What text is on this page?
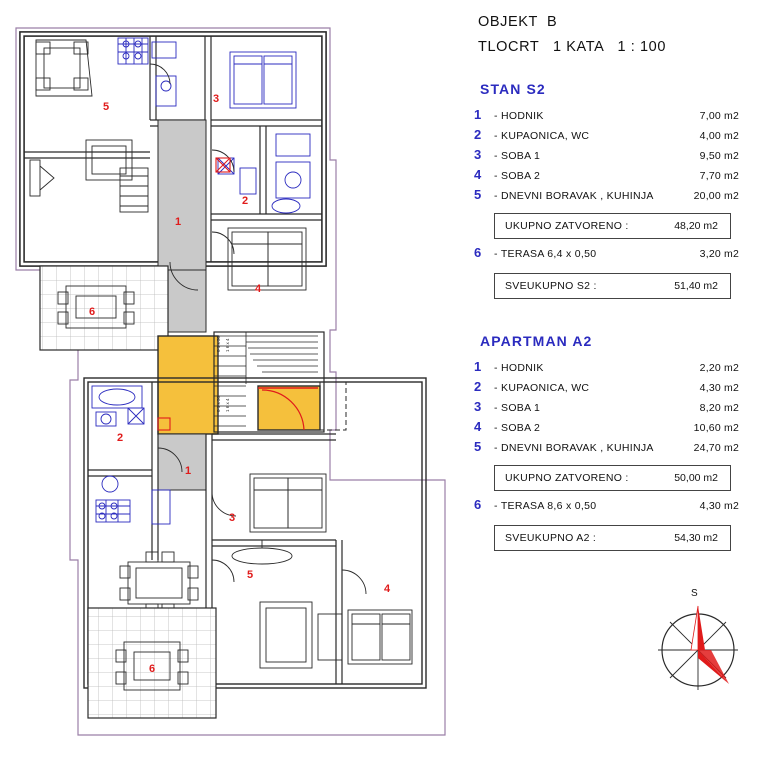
5
3
2
1
6
4
2
1
3
5
4
6
0 1 x 30 1 6 x 4
0 1 x 30 1 6 x 4
OBJEKT  B
TLOCRT   1 KATA   1 : 100
STAN S2
1	- HODNIK	7,00 m2
2	- KUPAONICA, WC	4,00 m2
3	- SOBA 1	9,50 m2
4	- SOBA 2	7,70 m2
5	- DNEVNI BORAVAK , KUHINJA	20,00 m2
UKUPNO ZATVORENO :	48,20 m2
6	- TERASA 6,4 x 0,50	3,20 m2
SVEUKUPNO S2 :	51,40 m2
APARTMAN A2
1	- HODNIK	2,20 m2
2	- KUPAONICA, WC	4,30 m2
3	- SOBA 1	8,20 m2
4	- SOBA 2	10,60 m2
5	- DNEVNI BORAVAK , KUHINJA	24,70 m2
UKUPNO ZATVORENO :	50,00 m2
6	- TERASA 8,6 x 0,50	4,30 m2
SVEUKUPNO A2 :	54,30 m2
S
